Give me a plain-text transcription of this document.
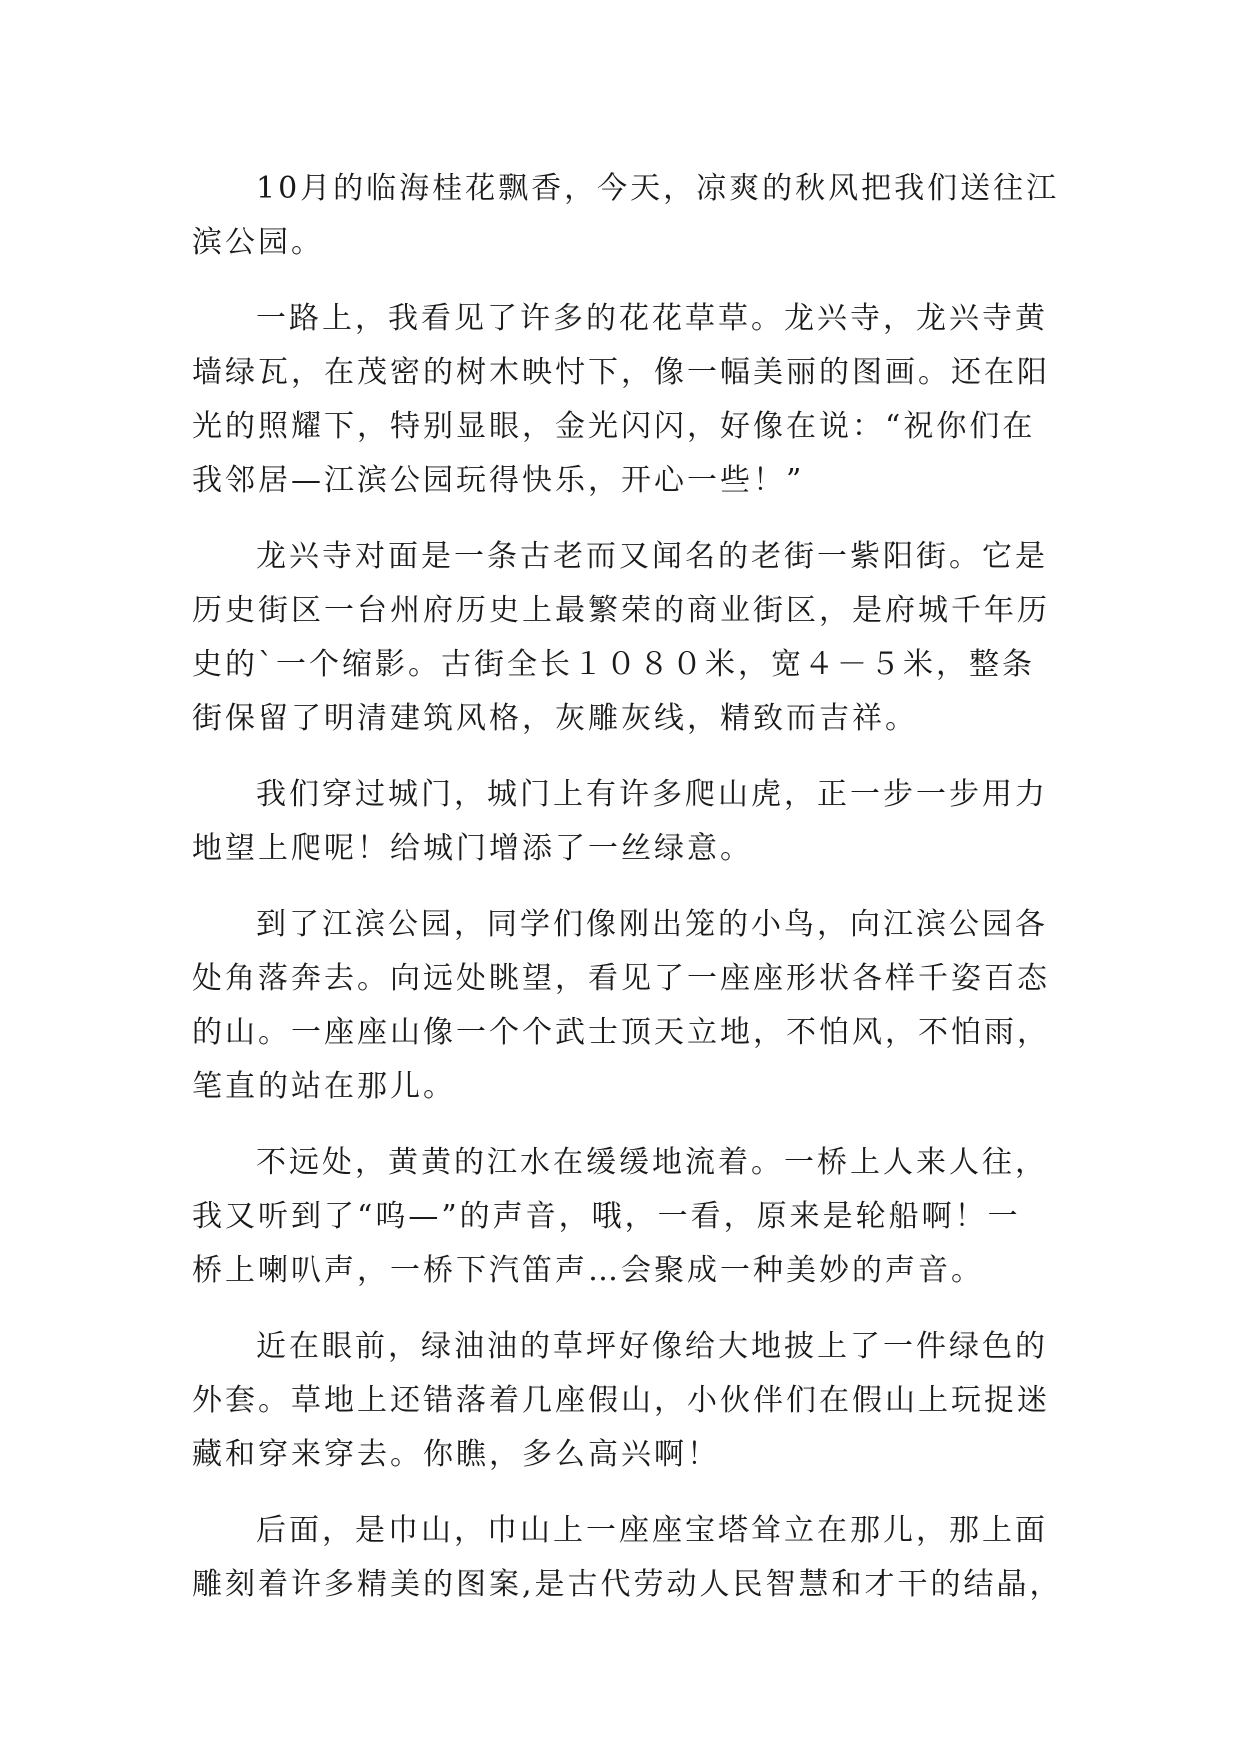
10月的临海桂花飘香，今天，凉爽的秋风把我们送往江
滨公园。

一路上，我看见了许多的花花草草。龙兴寺，龙兴寺黄
墙绿瓦，在茂密的树木映忖下，像一幅美丽的图画。还在阳
光的照耀下，特别显眼，金光闪闪，好像在说：“祝你们在
我邻居—江滨公园玩得快乐，开心一些！”

龙兴寺对面是一条古老而又闻名的老街一紫阳街。它是
历史街区一台州府历史上最繁荣的商业街区，是府城千年历
史的`一个缩影。古街全长１０８０米，宽４－５米，整条
街保留了明清建筑风格，灰雕灰线，精致而吉祥。

我们穿过城门，城门上有许多爬山虎，正一步一步用力
地望上爬呢！给城门增添了一丝绿意。

到了江滨公园，同学们像刚出笼的小鸟，向江滨公园各
处角落奔去。向远处眺望，看见了一座座形状各样千姿百态
的山。一座座山像一个个武士顶天立地，不怕风，不怕雨，
笔直的站在那儿。

不远处，黄黄的江水在缓缓地流着。一桥上人来人往，
我又听到了“呜—”的声音，哦，一看，原来是轮船啊！一
桥上喇叭声，一桥下汽笛声…会聚成一种美妙的声音。

近在眼前，绿油油的草坪好像给大地披上了一件绿色的
外套。草地上还错落着几座假山，小伙伴们在假山上玩捉迷
藏和穿来穿去。你瞧，多么高兴啊！

后面，是巾山，巾山上一座座宝塔耸立在那儿，那上面
雕刻着许多精美的图案,是古代劳动人民智慧和才干的结晶，
